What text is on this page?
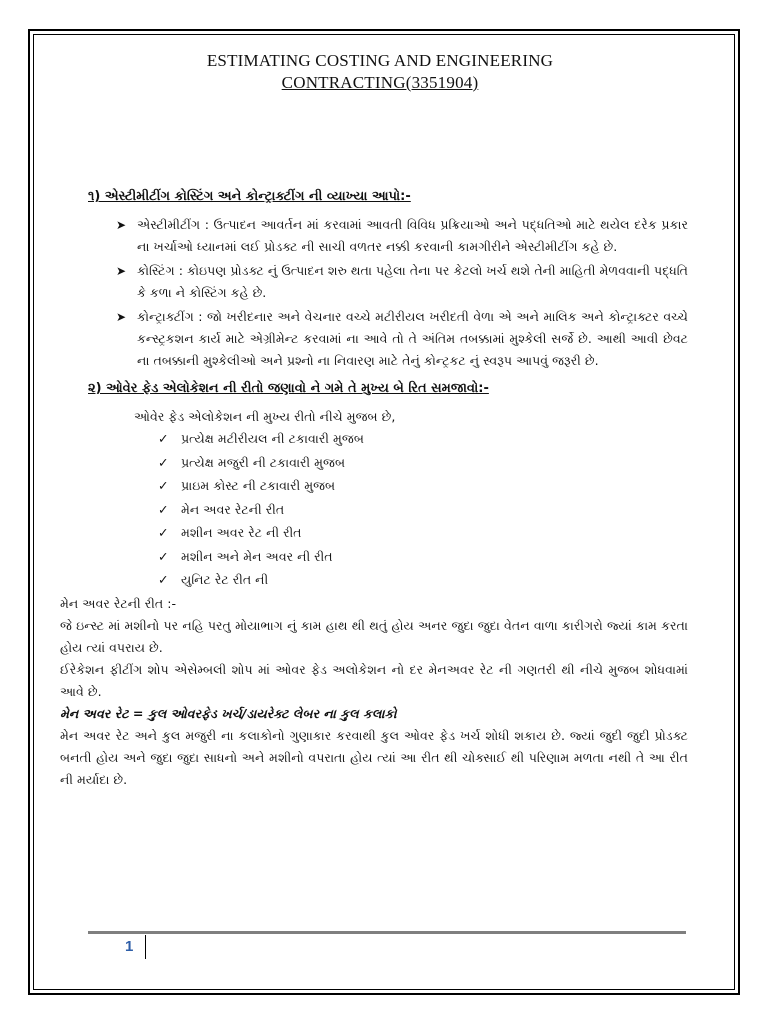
ESTIMATING COSTING AND ENGINEERING
CONTRACTING(3351904)
૧) એસ્ટીમીટીંગ કોસ્ટિંગ અને કોન્ટ્રાક્ટીંગ ની વ્યાખ્યા આપો:-
➤ એસ્ટીમીટીંગ : ઉત્પાદન આવર્તન માં કરવામાં આવતી વિવિધ પ્રક્રિયાઓ અને પદ્ધતિઓ માટે થયેલ દરેક પ્રકાર ના ખર્ચાઓ ધ્યાનમાં લઈ પ્રોડક્ટ ની સાચી વળતર નક્કી કરવાની કામગીરીને એસ્ટીમીટીંગ કહે છે.
➤ કોસ્ટિંગ : કોઇપણ પ્રોડક્ટ નું ઉત્પાદન શરુ થતા પહેલા તેના પર કેટલો ખર્ચ થશે તેની માહિતી મેળવવાની પદ્ધતિ કે કળા ને કોસ્ટિંગ કહે છે.
➤ કોન્ટ્રાક્ટીંગ : જો ખરીદનાર અને વેચનાર વચ્ચે મટીરીયલ ખરીદતી વેળા એ અને માલિક અને કોન્ટ્રાક્ટર વચ્ચે કન્સ્ટ્રકશન કાર્ય માટે એગ્રીમેન્ટ કરવામાં ના આવે તો તે અંતિમ તબક્કામાં મુશ્કેલી સર્જે છે. આથી આવી છેવટ ના તબક્કાની મુશ્કેલીઓ અને પ્રશ્નો ના નિવારણ માટે તેનું કોન્ટ્રકટ નું સ્વરૂપ આપવું જરૂરી છે.
૨) ઓવેર ફેડ એલોકેશન ની રીતો જણાવો ને ગમે તે મુખ્ય બે રિત સમજાવો:-
ઓવેર ફેડ એલોકેશન ની મુખ્ય રીતો નીચે મુજબ છે,
✓ પ્રત્યેક્ષ મટીરીયલ ની ટકાવારી મુજબ
✓ પ્રત્યેક્ષ મજુરી ની ટકાવારી મુજબ
✓ પ્રાઇમ કોસ્ટ ની ટકાવારી મુજબ
✓ મેન અવર રેટની રીત
✓ મશીન અવર રેટ ની રીત
✓ મશીન અને મેન અવર ની રીત
✓ યુનિટ રેટ રીત ની
મેન અવર રેટની રીત :-
જે ઇન્સ્ટ માં મશીનો પર નહિ પરતુ મોયાભાગ નું કામ હાથ થી થતું હોય અનર જુદા જુદા વેતન વાળા કારીગરો જ્યાં કામ કરતા હોય ત્યાં વપરાય છે.
ઈરેકેશન ફીટીંગ શોપ એસેમ્બલી શોપ માં ઓવર ફેડ અલોકેશન નો દર મેનઅવર રેટ ની ગણતરી થી નીચે મુજબ શોધવામાં આવે છે.
મેન અવર રેટ = કુલ ઓવરફેડ ખર્ચ/ડાયરેક્ટ લેબર ના કુલ કલાકો
મેન અવર રેટ અને કુલ મજુરી ના કલાકોનો ગુણાકાર કરવાથી કુલ ઓવર ફેડ ખર્ચ શોધી શકાય છે. જ્યાં જુદી જુદી પ્રોડક્ટ બનતી હોય અને જુદા જુદા સાધનો અને મશીનો વપરાતા હોય ત્યાં આ રીત થી ચોક્સાઈ થી પરિણામ મળતા નથી તે આ રીત ની મર્યાદા છે.
1
